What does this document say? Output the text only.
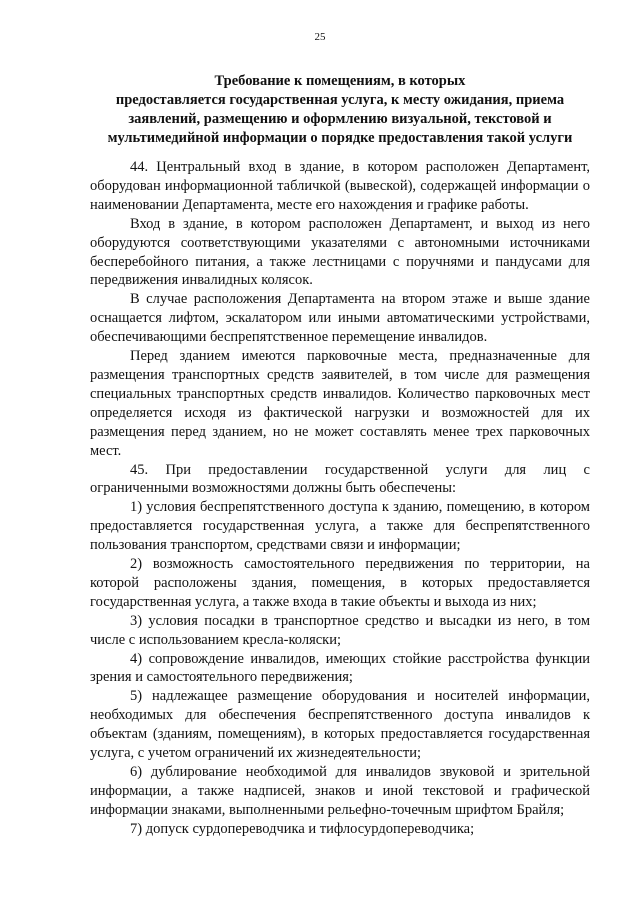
25
Требование к помещениям, в которых
предоставляется государственная услуга, к месту ожидания, приема
заявлений, размещению и оформлению визуальной, текстовой и
мультимедийной информации о порядке предоставления такой услуги

44. Центральный вход в здание, в котором расположен Департамент, оборудован информационной табличкой (вывеской), содержащей информации о наименовании Департамента, месте его нахождения и графике работы.

Вход в здание, в котором расположен Департамент, и выход из него оборудуются соответствующими указателями с автономными источниками бесперебойного питания, а также лестницами с поручнями и пандусами для передвижения инвалидных колясок.

В случае расположения Департамента на втором этаже и выше здание оснащается лифтом, эскалатором или иными автоматическими устройствами, обеспечивающими беспрепятственное перемещение инвалидов.

Перед зданием имеются парковочные места, предназначенные для размещения транспортных средств заявителей, в том числе для размещения специальных транспортных средств инвалидов. Количество парковочных мест определяется исходя из фактической нагрузки и возможностей для их размещения перед зданием, но не может составлять менее трех парковочных мест.

45. При предоставлении государственной услуги для лиц с ограниченными возможностями должны быть обеспечены:

1) условия беспрепятственного доступа к зданию, помещению, в котором предоставляется государственная услуга, а также для беспрепятственного пользования транспортом, средствами связи и информации;

2) возможность самостоятельного передвижения по территории, на которой расположены здания, помещения, в которых предоставляется государственная услуга, а также входа в такие объекты и выхода из них;

3) условия посадки в транспортное средство и высадки из него, в том числе с использованием кресла-коляски;

4) сопровождение инвалидов, имеющих стойкие расстройства функции зрения и самостоятельного передвижения;

5) надлежащее размещение оборудования и носителей информации, необходимых для обеспечения беспрепятственного доступа инвалидов к объектам (зданиям, помещениям), в которых предоставляется государственная услуга, с учетом ограничений их жизнедеятельности;

6) дублирование необходимой для инвалидов звуковой и зрительной информации, а также надписей, знаков и иной текстовой и графической информации знаками, выполненными рельефно-точечным шрифтом Брайля;

7) допуск сурдопереводчика и тифлосурдопереводчика;
